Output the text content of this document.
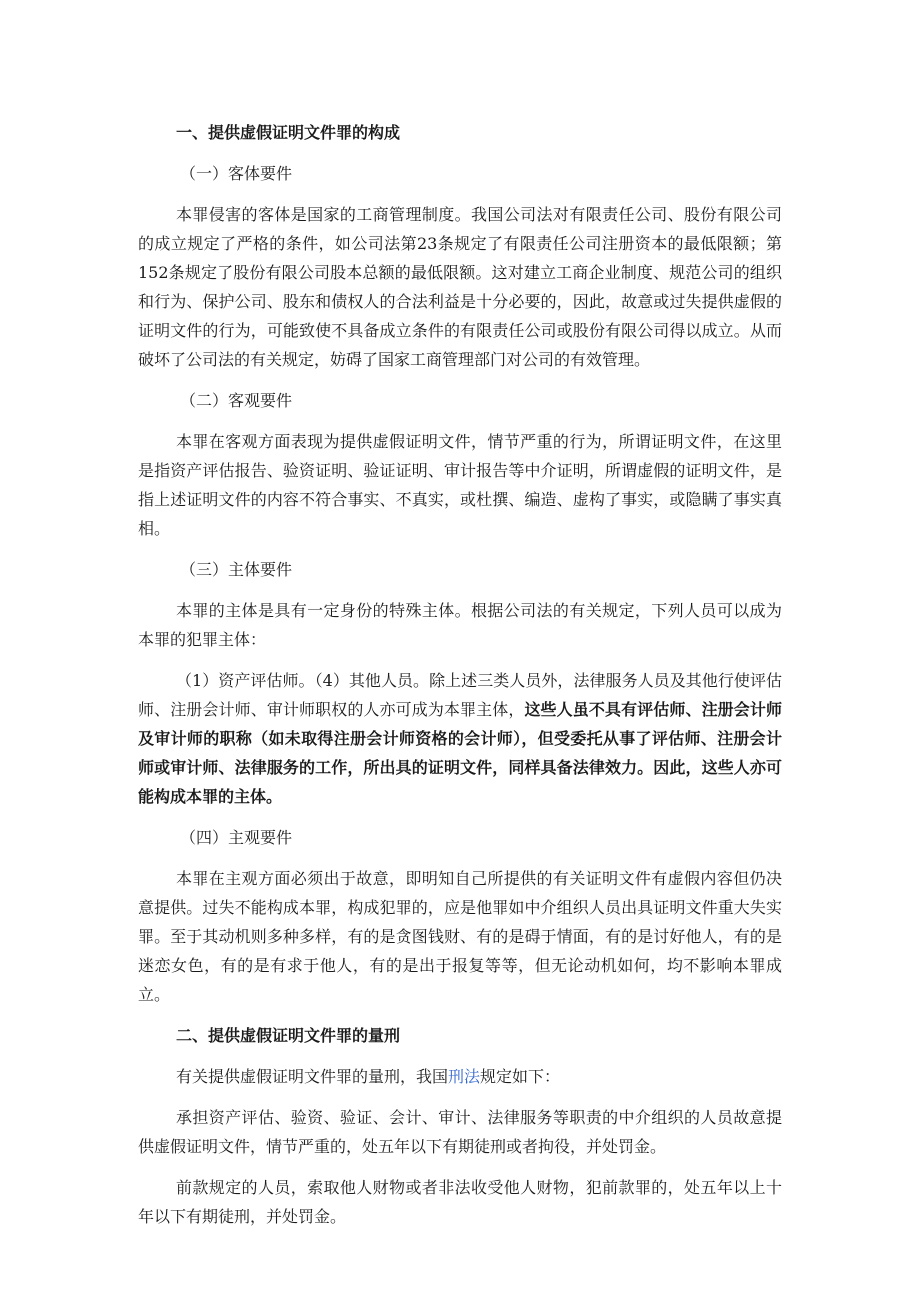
一、提供虚假证明文件罪的构成

（一）客体要件

本罪侵害的客体是国家的工商管理制度。我国公司法对有限责任公司、股份有限公司的成立规定了严格的条件，如公司法第23条规定了有限责任公司注册资本的最低限额；第152条规定了股份有限公司股本总额的最低限额。这对建立工商企业制度、规范公司的组织和行为、保护公司、股东和债权人的合法利益是十分必要的，因此，故意或过失提供虚假的证明文件的行为，可能致使不具备成立条件的有限责任公司或股份有限公司得以成立。从而破坏了公司法的有关规定，妨碍了国家工商管理部门对公司的有效管理。

（二）客观要件

本罪在客观方面表现为提供虚假证明文件，情节严重的行为，所谓证明文件，在这里是指资产评估报告、验资证明、验证证明、审计报告等中介证明，所谓虚假的证明文件，是指上述证明文件的内容不符合事实、不真实，或杜撰、编造、虚构了事实，或隐瞒了事实真相。

（三）主体要件

本罪的主体是具有一定身份的特殊主体。根据公司法的有关规定，下列人员可以成为本罪的犯罪主体：

（1）资产评估师。（4）其他人员。除上述三类人员外，法律服务人员及其他行使评估师、注册会计师、审计师职权的人亦可成为本罪主体，这些人虽不具有评估师、注册会计师及审计师的职称（如未取得注册会计师资格的会计师），但受委托从事了评估师、注册会计师或审计师、法律服务的工作，所出具的证明文件，同样具备法律效力。因此，这些人亦可能构成本罪的主体。

（四）主观要件

本罪在主观方面必须出于故意，即明知自己所提供的有关证明文件有虚假内容但仍决意提供。过失不能构成本罪，构成犯罪的，应是他罪如中介组织人员出具证明文件重大失实罪。至于其动机则多种多样，有的是贪图钱财、有的是碍于情面，有的是讨好他人，有的是迷恋女色，有的是有求于他人，有的是出于报复等等，但无论动机如何，均不影响本罪成立。

二、提供虚假证明文件罪的量刑

有关提供虚假证明文件罪的量刑，我国刑法规定如下：

承担资产评估、验资、验证、会计、审计、法律服务等职责的中介组织的人员故意提供虚假证明文件，情节严重的，处五年以下有期徒刑或者拘役，并处罚金。

前款规定的人员，索取他人财物或者非法收受他人财物，犯前款罪的，处五年以上十年以下有期徒刑，并处罚金。
